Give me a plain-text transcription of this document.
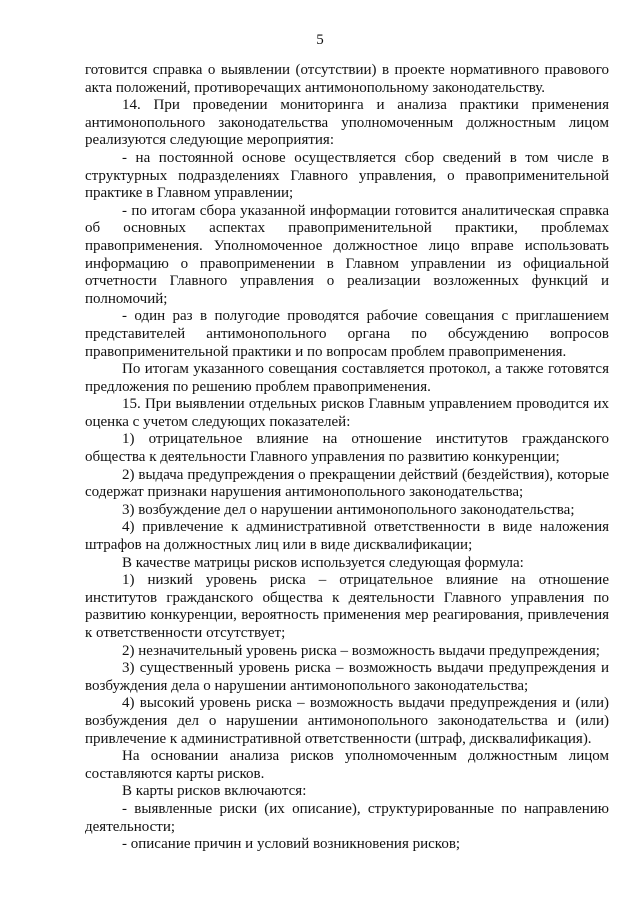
5

готовится справка о выявлении (отсутствии) в проекте нормативного правового акта положений, противоречащих антимонопольному законодательству.

14. При проведении мониторинга и анализа практики применения антимонопольного законодательства уполномоченным должностным лицом реализуются следующие мероприятия:

- на постоянной основе осуществляется сбор сведений в том числе в структурных подразделениях Главного управления, о правоприменительной практике в Главном управлении;

- по итогам сбора указанной информации готовится аналитическая справка об основных аспектах правоприменительной практики, проблемах правоприменения. Уполномоченное должностное лицо вправе использовать информацию о правоприменении в Главном управлении из официальной отчетности Главного управления о реализации возложенных функций и полномочий;

- один раз в полугодие проводятся рабочие совещания с приглашением представителей антимонопольного органа по обсуждению вопросов правоприменительной практики и по вопросам проблем правоприменения.

По итогам указанного совещания составляется протокол, а также готовятся предложения по решению проблем правоприменения.

15. При выявлении отдельных рисков Главным управлением проводится их оценка с учетом следующих показателей:

1) отрицательное влияние на отношение институтов гражданского общества к деятельности Главного управления по развитию конкуренции;

2) выдача предупреждения о прекращении действий (бездействия), которые содержат признаки нарушения антимонопольного законодательства;

3) возбуждение дел о нарушении антимонопольного законодательства;

4) привлечение к административной ответственности в виде наложения штрафов на должностных лиц или в виде дисквалификации;

В качестве матрицы рисков используется следующая формула:

1) низкий уровень риска – отрицательное влияние на отношение институтов гражданского общества к деятельности Главного управления по развитию конкуренции, вероятность применения мер реагирования, привлечения к ответственности отсутствует;

2) незначительный уровень риска – возможность выдачи предупреждения;

3) существенный уровень риска – возможность выдачи предупреждения и возбуждения дела о нарушении антимонопольного законодательства;

4) высокий уровень риска – возможность выдачи предупреждения и (или) возбуждения дел о нарушении антимонопольного законодательства и (или) привлечение к административной ответственности (штраф, дисквалификация).

На основании анализа рисков уполномоченным должностным лицом составляются карты рисков.

В карты рисков включаются:

- выявленные риски (их описание), структурированные по направлению деятельности;

- описание причин и условий возникновения рисков;
